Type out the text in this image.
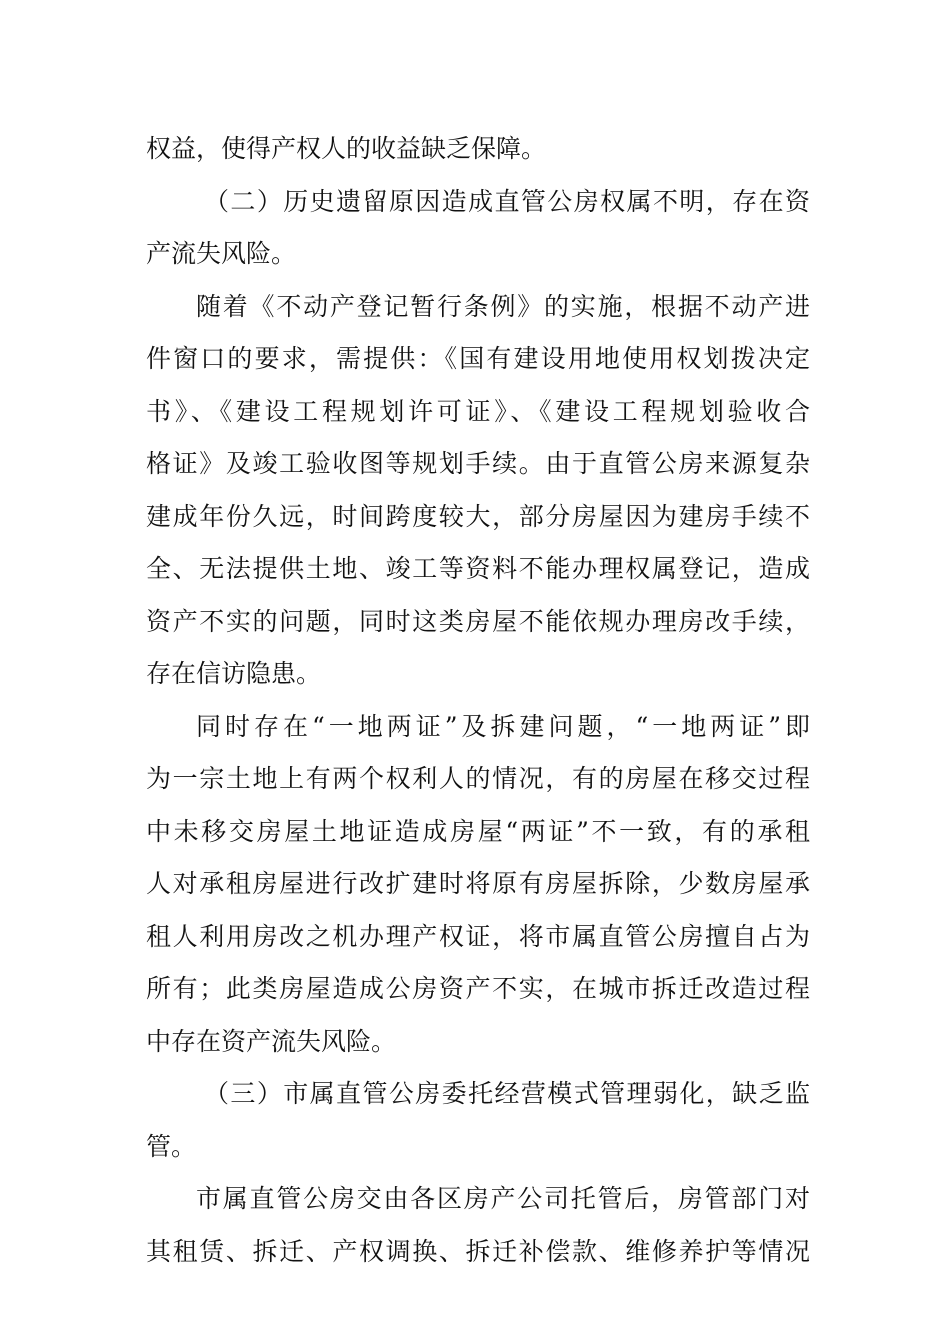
权益，使得产权人的收益缺乏保障。
（二）历史遗留原因造成直管公房权属不明，存在资
产流失风险。
随着《不动产登记暂行条例》的实施，根据不动产进
件窗口的要求，需提供：《国有建设用地使用权划拨决定
书》、《建设工程规划许可证》、《建设工程规划验收合
格证》及竣工验收图等规划手续。由于直管公房来源复杂
建成年份久远，时间跨度较大，部分房屋因为建房手续不
全、无法提供土地、竣工等资料不能办理权属登记，造成
资产不实的问题，同时这类房屋不能依规办理房改手续，
存在信访隐患。
同时存在“一地两证”及拆建问题，“一地两证”即
为一宗土地上有两个权利人的情况，有的房屋在移交过程
中未移交房屋土地证造成房屋“两证”不一致，有的承租
人对承租房屋进行改扩建时将原有房屋拆除，少数房屋承
租人利用房改之机办理产权证，将市属直管公房擅自占为
所有；此类房屋造成公房资产不实，在城市拆迁改造过程
中存在资产流失风险。
（三）市属直管公房委托经营模式管理弱化，缺乏监
管。
市属直管公房交由各区房产公司托管后，房管部门对
其租赁、拆迁、产权调换、拆迁补偿款、维修养护等情况
